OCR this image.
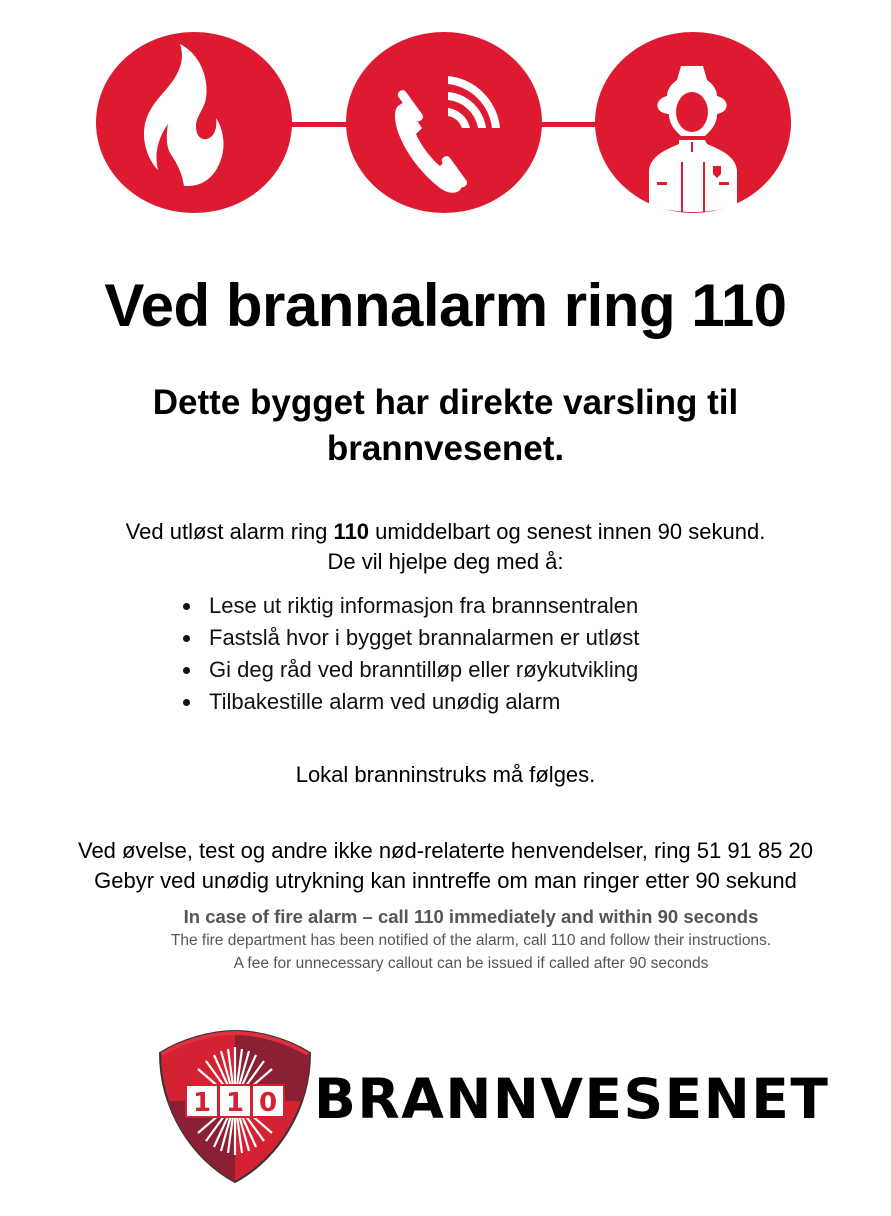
Ved brannalarm ring 110
Dette bygget har direkte varsling til
brannvesenet.
Ved utløst alarm ring 110 umiddelbart og senest innen 90 sekund.
De vil hjelpe deg med å:
Lese ut riktig informasjon fra brannsentralen
Fastslå hvor i bygget brannalarmen er utløst
Gi deg råd ved branntilløp eller røykutvikling
Tilbakestille alarm ved unødig alarm
Lokal branninstruks må følges.
Ved øvelse, test og andre ikke nød-relaterte henvendelser, ring 51 91 85 20
Gebyr ved unødig utrykning kan inntreffe om man ringer etter 90 sekund
In case of fire alarm – call 110 immediately and within 90 seconds
The fire department has been notified of the alarm, call 110 and follow their instructions.
A fee for unnecessary callout can be issued if called after 90 seconds
1 1 0 BRANNVESENET
